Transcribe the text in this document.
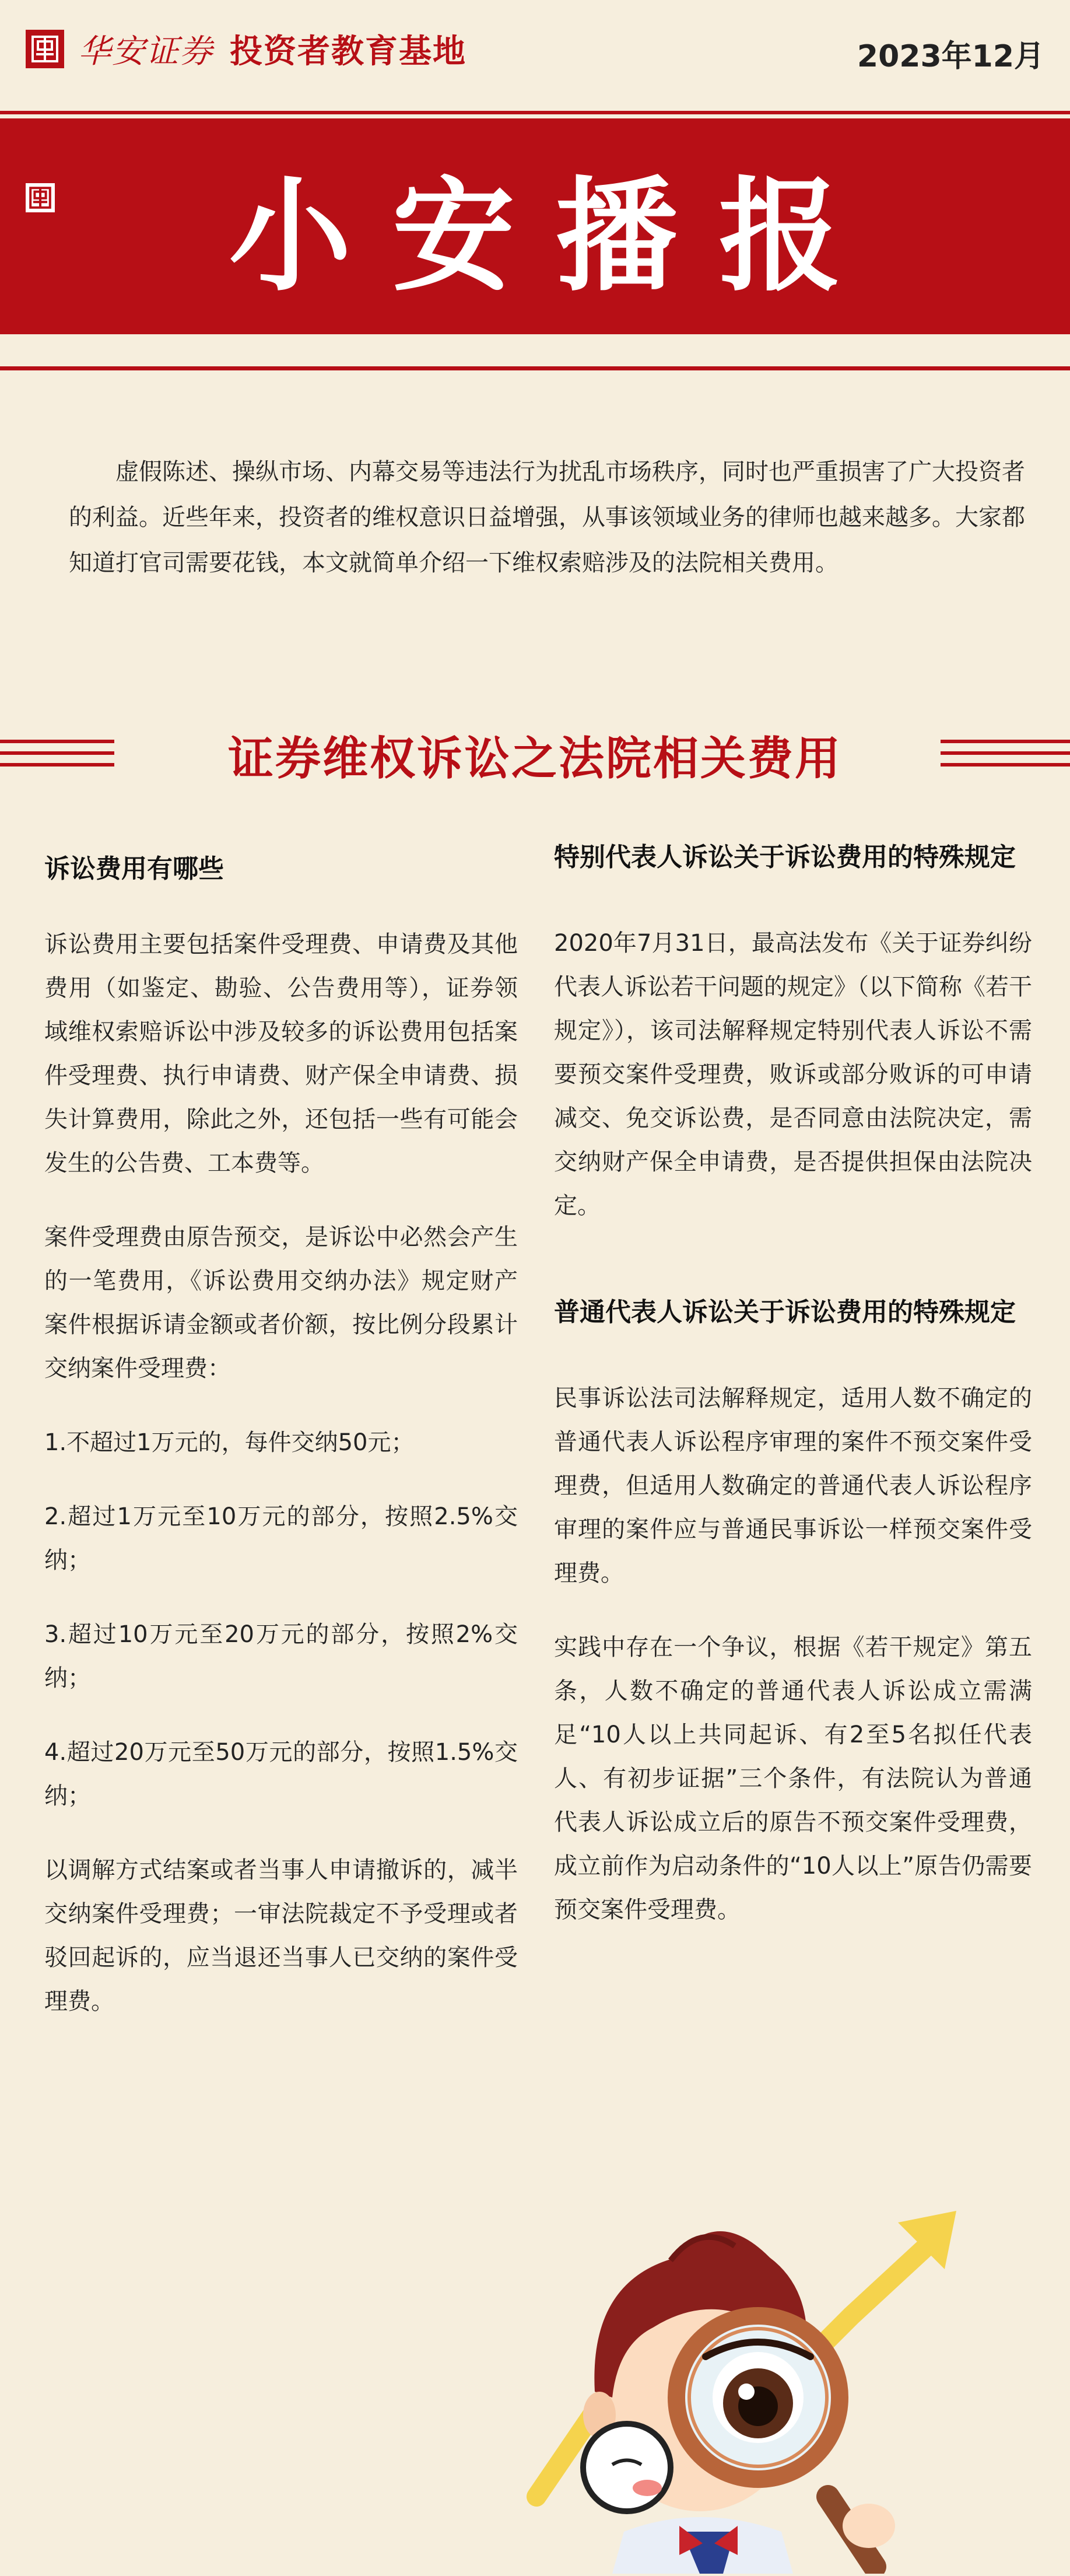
华安证券 投资者教育基地	2023年12月
小安播报
虚假陈述、操纵市场、内幕交易等违法行为扰乱市场秩序，同时也严重损害了广大投资者的利益。近些年来，投资者的维权意识日益增强，从事该领域业务的律师也越来越多。大家都知道打官司需要花钱，本文就简单介绍一下维权索赔涉及的法院相关费用。
证券维权诉讼之法院相关费用
诉讼费用有哪些

诉讼费用主要包括案件受理费、申请费及其他费用（如鉴定、勘验、公告费用等），证券领域维权索赔诉讼中涉及较多的诉讼费用包括案件受理费、执行申请费、财产保全申请费、损失计算费用，除此之外，还包括一些有可能会发生的公告费、工本费等。

案件受理费由原告预交，是诉讼中必然会产生的一笔费用，《诉讼费用交纳办法》规定财产案件根据诉请金额或者价额，按比例分段累计交纳案件受理费：

1.不超过1万元的，每件交纳50元；

2.超过1万元至10万元的部分，按照2.5%交纳；

3.超过10万元至20万元的部分，按照2%交纳；

4.超过20万元至50万元的部分，按照1.5%交纳；

以调解方式结案或者当事人申请撤诉的，减半交纳案件受理费；一审法院裁定不予受理或者驳回起诉的，应当退还当事人已交纳的案件受理费。

特别代表人诉讼关于诉讼费用的特殊规定

2020年7月31日，最高法发布《关于证券纠纷代表人诉讼若干问题的规定》（以下简称《若干规定》），该司法解释规定特别代表人诉讼不需要预交案件受理费，败诉或部分败诉的可申请减交、免交诉讼费，是否同意由法院决定，需交纳财产保全申请费，是否提供担保由法院决定。

普通代表人诉讼关于诉讼费用的特殊规定

民事诉讼法司法解释规定，适用人数不确定的普通代表人诉讼程序审理的案件不预交案件受理费，但适用人数确定的普通代表人诉讼程序审理的案件应与普通民事诉讼一样预交案件受理费。

实践中存在一个争议，根据《若干规定》第五条，人数不确定的普通代表人诉讼成立需满足“10人以上共同起诉、有2至5名拟任代表人、有初步证据”三个条件，有法院认为普通代表人诉讼成立后的原告不预交案件受理费，成立前作为启动条件的“10人以上”原告仍需要预交案件受理费。
